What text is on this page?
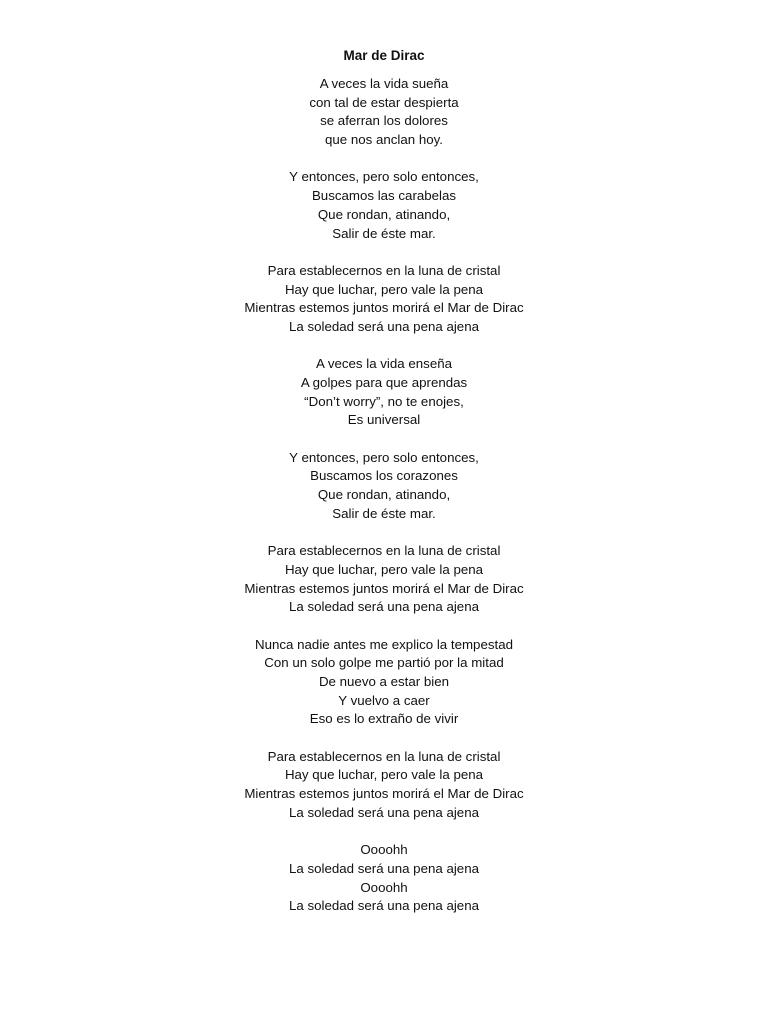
Mar de Dirac
A veces la vida sueña
con tal de estar despierta
se aferran los dolores
que nos anclan hoy.
Y entonces, pero solo entonces,
Buscamos las carabelas
Que rondan, atinando,
Salir de éste mar.
Para establecernos en la luna de cristal
Hay que luchar, pero vale la pena
Mientras estemos juntos morirá el Mar de Dirac
La soledad será una pena ajena
A veces la vida enseña
A golpes para que aprendas
“Don’t worry”, no te enojes,
Es universal
Y entonces, pero solo entonces,
Buscamos los corazones
Que rondan, atinando,
Salir de éste mar.
Para establecernos en la luna de cristal
Hay que luchar, pero vale la pena
Mientras estemos juntos morirá el Mar de Dirac
La soledad será una pena ajena
Nunca nadie antes me explico la tempestad
Con un solo golpe me partió por la mitad
De nuevo a estar bien
Y vuelvo a caer
Eso es lo extraño de vivir
Para establecernos en la luna de cristal
Hay que luchar, pero vale la pena
Mientras estemos juntos morirá el Mar de Dirac
La soledad será una pena ajena
Oooohh
La soledad será una pena ajena
Oooohh
La soledad será una pena ajena
